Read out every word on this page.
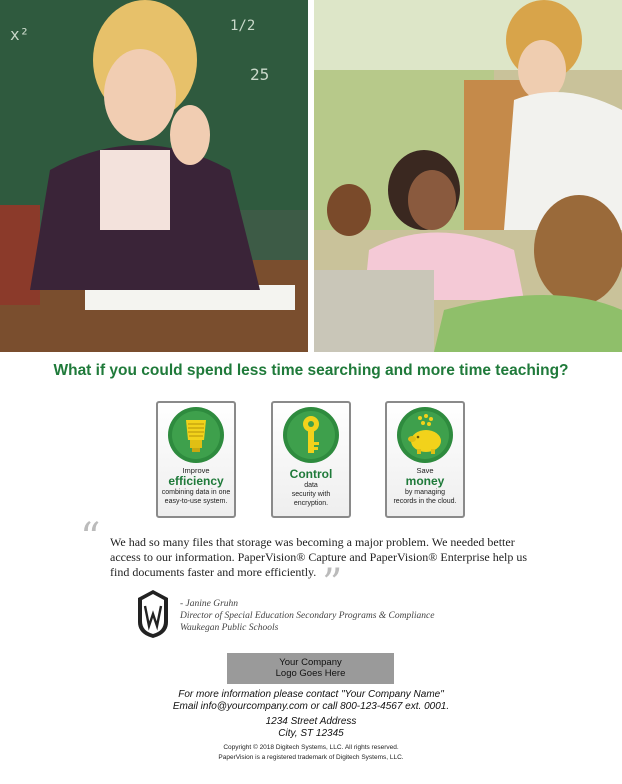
x²	1/2
25
What if you could spend less time searching and more time teaching?
Improve
efficiency
combining data in one
easy-to-use system.
Control
data
security with encryption.
Save
money
by managing
records in the cloud.
“ We had so many files that storage was becoming a major problem. We needed better access to our information. PaperVision® Capture and PaperVision® Enterprise help us find documents faster and more efficiently. ”
- Janine Gruhn
Director of Special Education Secondary Programs & Compliance
Waukegan Public Schools
Your Company
Logo Goes Here
For more information please contact "Your Company Name"
Email info@yourcompany.com or call 800-123-4567 ext. 0001.
1234 Street Address
City, ST 12345
Copyright © 2018 Digitech Systems, LLC. All rights reserved.
PaperVision is a registered trademark of Digitech Systems, LLC.
